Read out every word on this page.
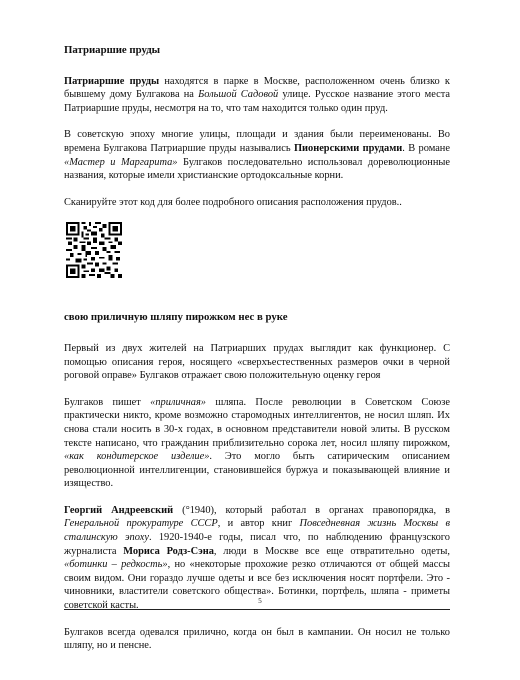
Патриаршие пруды

Патриаршие пруды находятся в парке в Москве, расположенном очень близко к бывшему дому Булгакова на Большой Садовой улице. Русское название этого места Патриаршие пруды, несмотря на то, что там находится только один пруд.

В советскую эпоху многие улицы, площади и здания были переименованы. Во времена Булгакова Патриаршие пруды назывались Пионерскими прудами. В романе «Мастер и Маргарита» Булгаков последовательно использовал дореволюционные названия, которые имели христианские ортодоксальные корни.

Сканируйте этот код для более подробного описания расположения прудов..

свою приличную шляпу пирожком нес в руке

Первый из двух жителей на Патриарших прудах выглядит как функционер. С помощью описания героя, носящего «сверхъестественных размеров очки в черной роговой оправе» Булгаков отражает свою положительную оценку героя

Булгаков пишет «приличная» шляпа. После революции в Советском Союзе практически никто, кроме возможно старомодных интеллигентов, не носил шляп. Их снова стали носить в 30-х годах, в основном представители новой элиты. В русском тексте написано, что гражданин приблизительно сорока лет, носил шляпу пирожком, «как кондитерское изделие». Это могло быть сатирическим описанием революционной интеллигенции, становившейся буржуа и показывающей влияние и изящество.

Георгий Андреевский (°1940), который работал в органах правопорядка, в Генеральной прокуратуре СССР, и автор книг Повседневная жизнь Москвы в сталинскую эпоху. 1920-1940-е годы, писал что, по наблюдению французского журналиста Мориса Родз-Сэна, люди в Москве все еще отвратительно одеты, «ботинки – редкость», но «некоторые прохожие резко отличаются от общей массы своим видом. Они гораздо лучше одеты и все без исключения носят портфели. Это - чиновники, властители советского общества». Ботинки, портфель, шляпа - приметы советской касты.

Булгаков всегда одевался прилично, когда он был в кампании. Он носил не только шляпу, но и пенсне.

5
